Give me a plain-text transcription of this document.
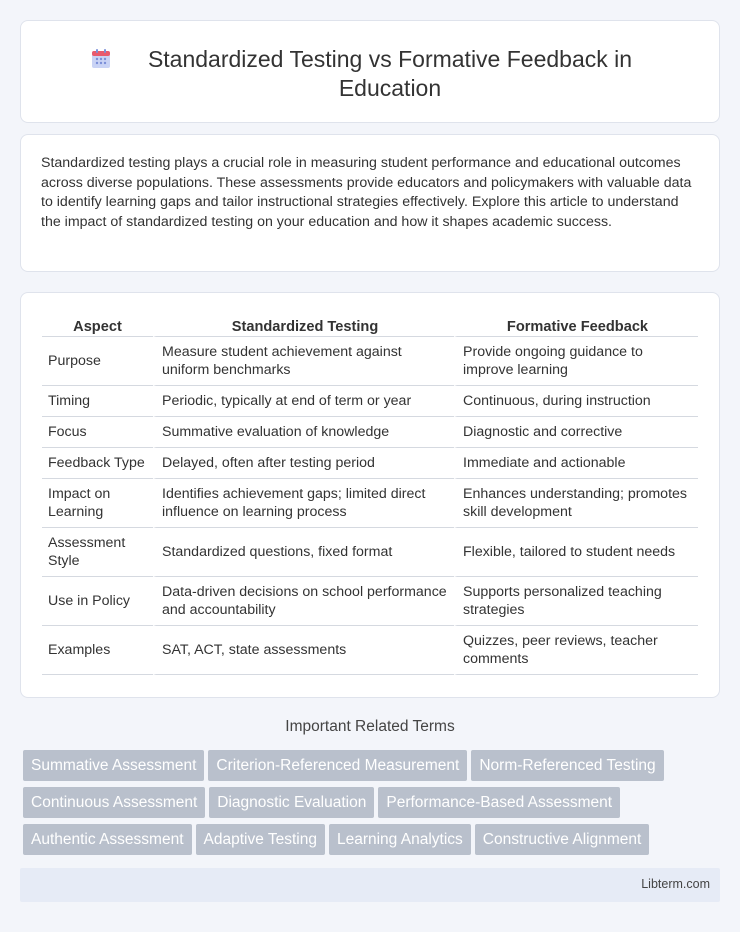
Standardized Testing vs Formative Feedback in Education

Standardized testing plays a crucial role in measuring student performance and educational outcomes across diverse populations. These assessments provide educators and policymakers with valuable data to identify learning gaps and tailor instructional strategies effectively. Explore this article to understand the impact of standardized testing on your education and how it shapes academic success.

Aspect	Standardized Testing	Formative Feedback
Purpose	Measure student achievement against uniform benchmarks	Provide ongoing guidance to improve learning
Timing	Periodic, typically at end of term or year	Continuous, during instruction
Focus	Summative evaluation of knowledge	Diagnostic and corrective
Feedback Type	Delayed, often after testing period	Immediate and actionable
Impact on Learning	Identifies achievement gaps; limited direct influence on learning process	Enhances understanding; promotes skill development
Assessment Style	Standardized questions, fixed format	Flexible, tailored to student needs
Use in Policy	Data-driven decisions on school performance and accountability	Supports personalized teaching strategies
Examples	SAT, ACT, state assessments	Quizzes, peer reviews, teacher comments
Important Related Terms
Summative Assessment Criterion-Referenced Measurement Norm-Referenced Testing
Continuous Assessment Diagnostic Evaluation Performance-Based Assessment
Authentic Assessment Adaptive Testing Learning Analytics Constructive Alignment
Libterm.com
